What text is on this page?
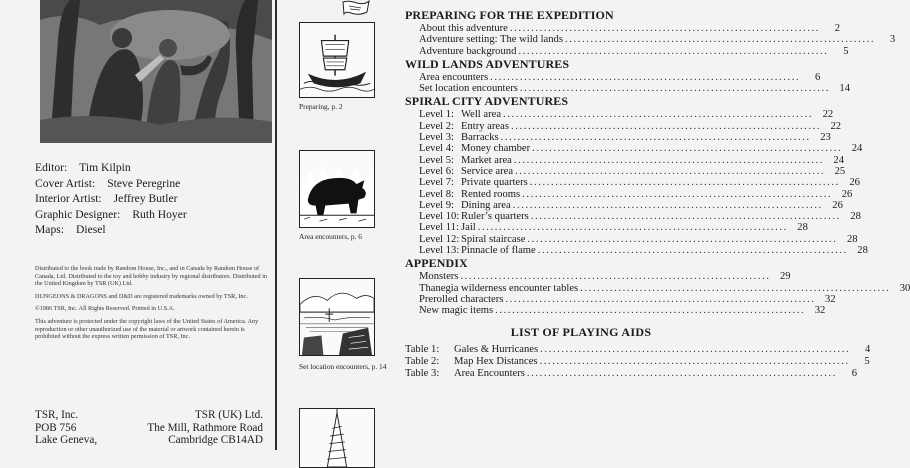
Editor: Tim Kilpin
Cover Artist: Steve Peregrine
Interior Artist: Jeffrey Butler
Graphic Designer: Ruth Hoyer
Maps: Diesel

Distributed to the book trade by Random House, Inc., and in Canada by Random House of Canada, Ltd. Distributed to the toy and hobby industry by regional distributors. Distributed in the United Kingdom by TSR (UK) Ltd.

DUNGEONS & DRAGONS and D&D are registered trademarks owned by TSR, Inc.

©1986 TSR, Inc. All Rights Reserved. Printed in U.S.A.

This adventure is protected under the copyright laws of the United States of America. Any reproduction or other unauthorized use of the material or artwork contained herein is prohibited without the express written permission of TSR, Inc.

TSR, Inc.	TSR (UK) Ltd.
POB 756	The Mill, Rathmore Road
Lake Geneva,	Cambridge CB14AD
Preparing, p. 2
Area encounters, p. 6
Set location encounters, p. 14
PREPARING FOR THE EXPEDITION
About this adventure .........................................................................	2
Adventure setting: The wild lands .........................................................................	3
Adventure background .........................................................................	5
WILD LANDS ADVENTURES
Area encounters .........................................................................	6
Set location encounters ......................................................................... 14
SPIRAL CITY ADVENTURES
Level 1: Well area ......................................................................... 22
Level 2: Entry areas ......................................................................... 22
Level 3: Barracks ......................................................................... 23
Level 4: Money chamber ......................................................................... 24
Level 5: Market area ......................................................................... 24
Level 6: Service area ......................................................................... 25
Level 7: Private quarters ......................................................................... 26
Level 8: Rented rooms ......................................................................... 26
Level 9: Dining area ......................................................................... 26
Level 10: Ruler’s quarters ......................................................................... 28
Level 11: Jail ......................................................................... 28
Level 12: Spiral staircase ......................................................................... 28
Level 13: Pinnacle of flame ......................................................................... 28
APPENDIX
Monsters ......................................................................... 29
Thanegia wilderness encounter tables ......................................................................... 30
Prerolled characters ......................................................................... 32
New magic items ......................................................................... 32
LIST OF PLAYING AIDS
Table 1: Gales & Hurricanes .........................................................................	4
Table 2: Map Hex Distances .........................................................................	5
Table 3: Area Encounters .........................................................................	6
